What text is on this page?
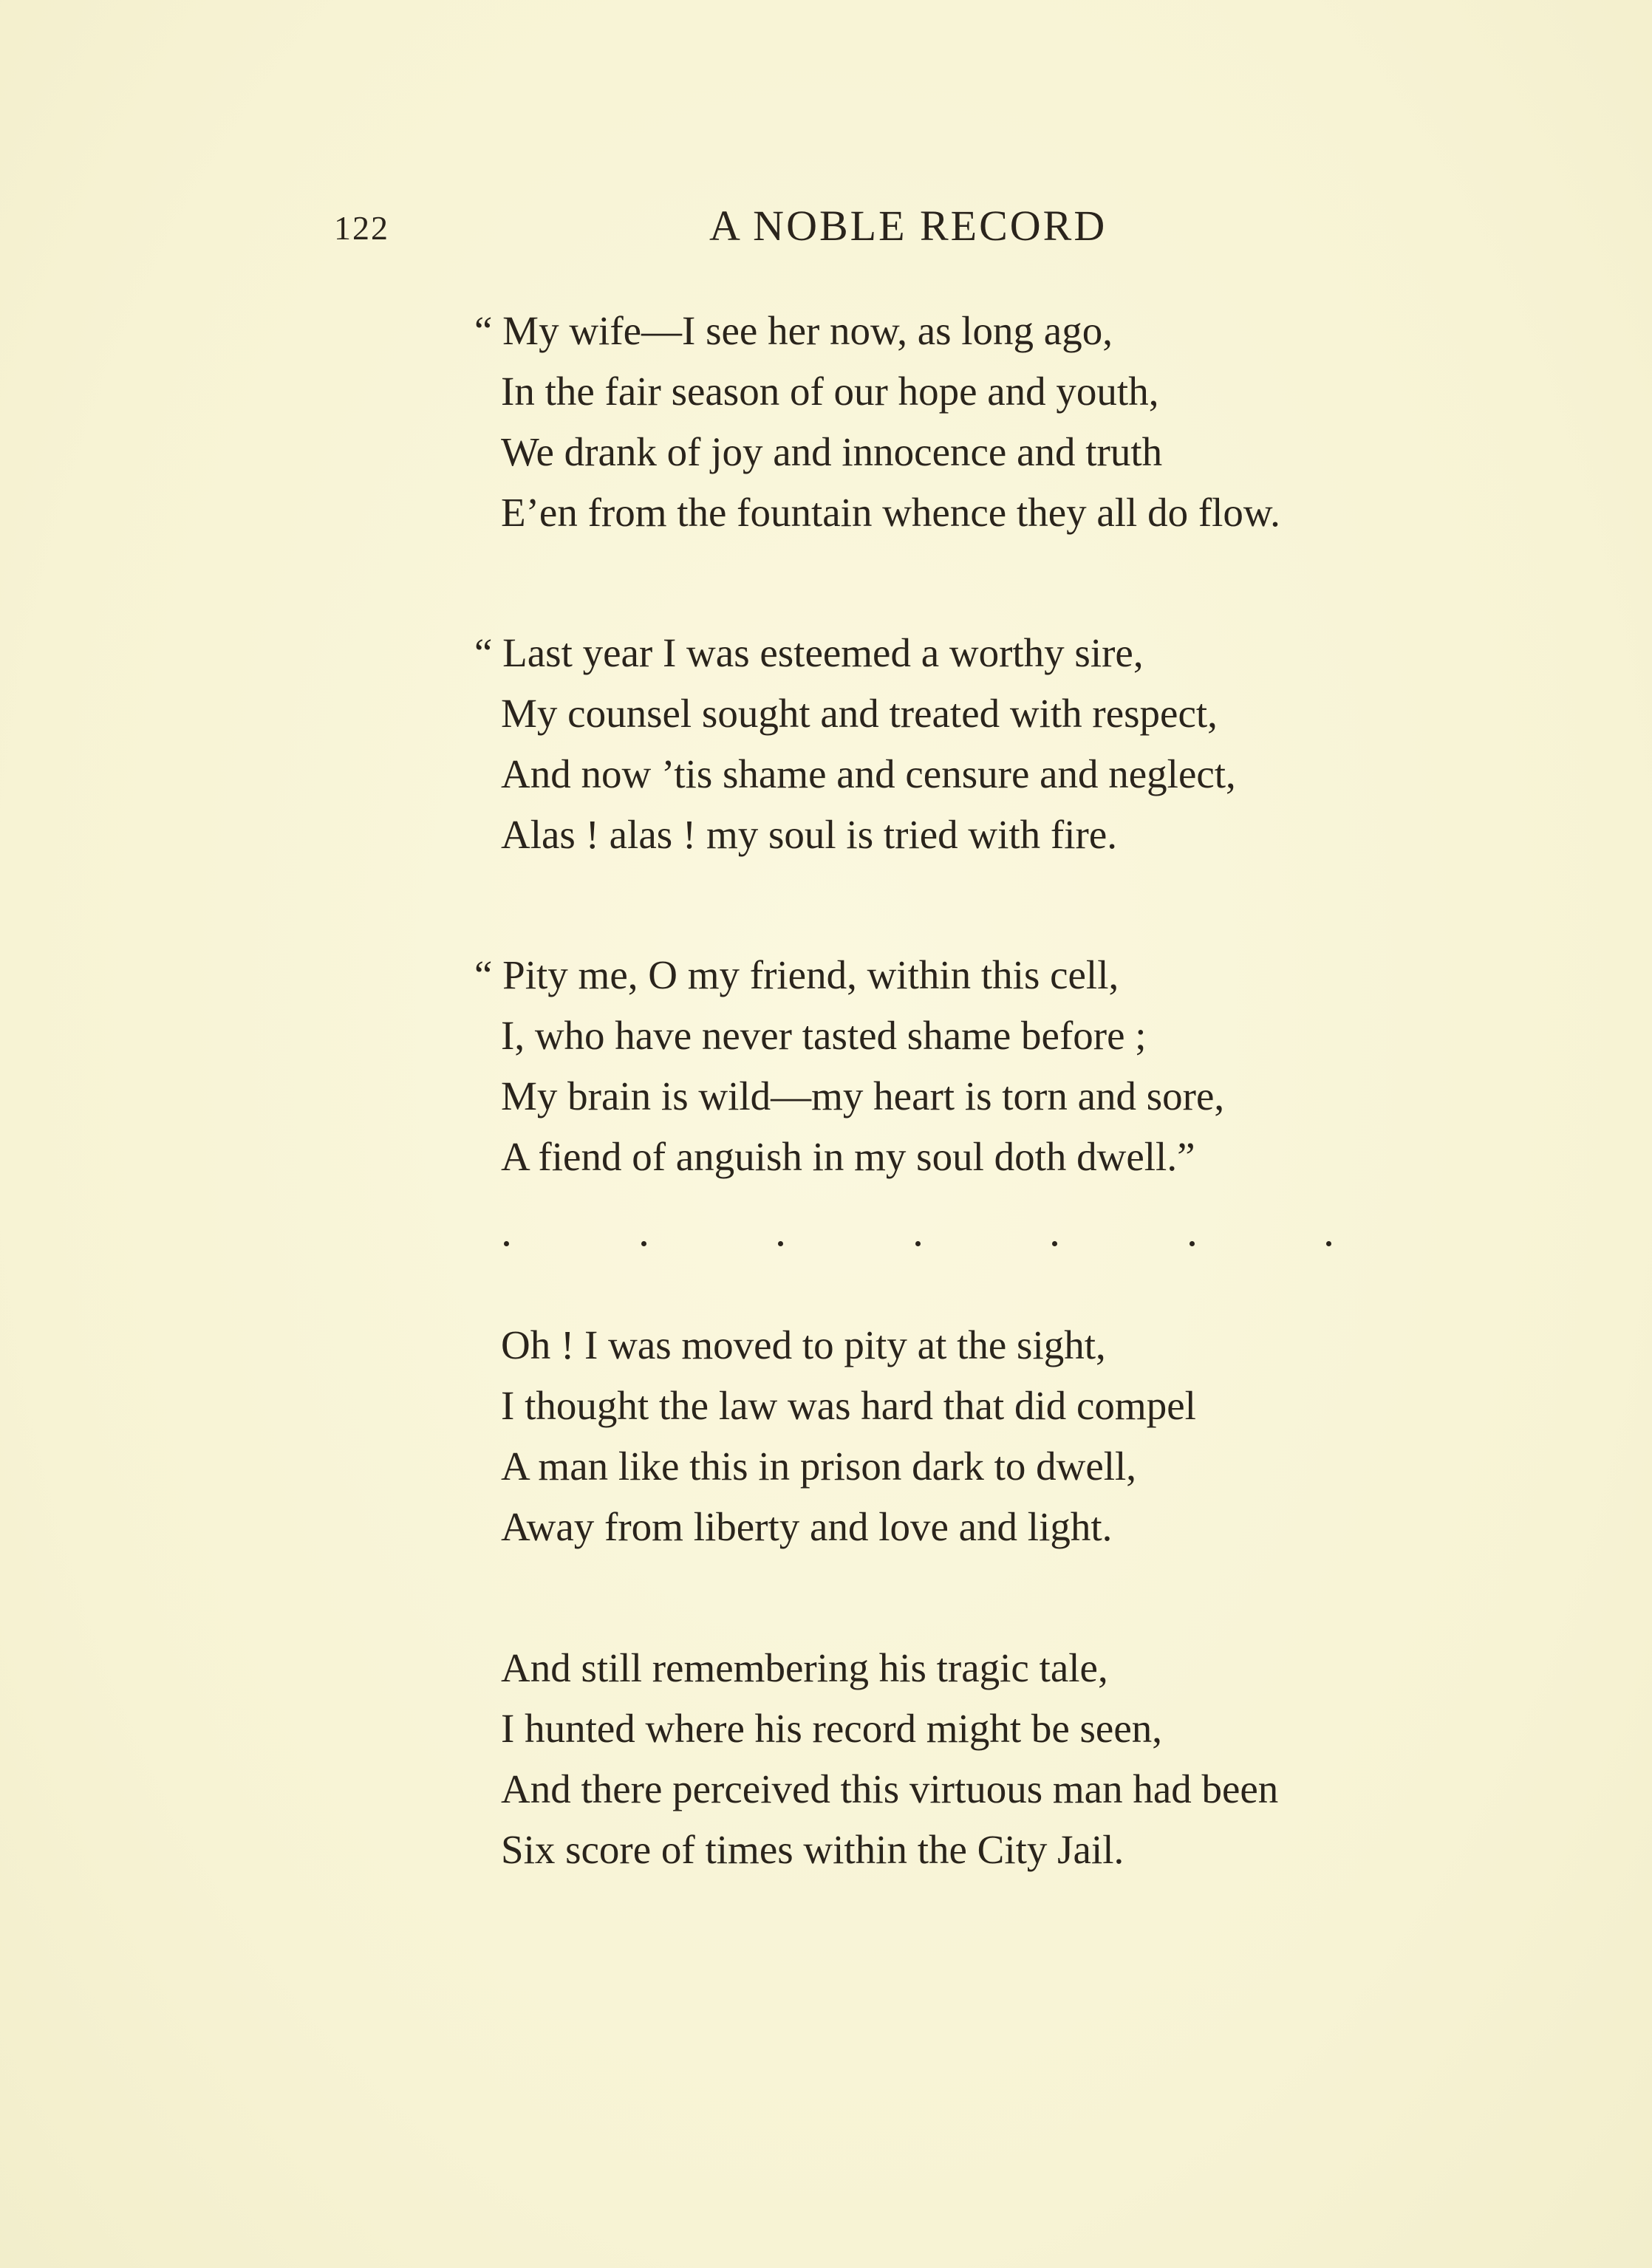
122	A NOBLE RECORD
“ My wife—I see her now, as long ago,
In the fair season of our hope and youth,
We drank of joy and innocence and truth
E’en from the fountain whence they all do flow.
“ Last year I was esteemed a worthy sire,
My counsel sought and treated with respect,
And now ’tis shame and censure and neglect,
Alas ! alas ! my soul is tried with fire.
“ Pity me, O my friend, within this cell,
I, who have never tasted shame before ;
My brain is wild—my heart is torn and sore,
A fiend of anguish in my soul doth dwell.”
Oh ! I was moved to pity at the sight,
I thought the law was hard that did compel
A man like this in prison dark to dwell,
Away from liberty and love and light.
And still remembering his tragic tale,
I hunted where his record might be seen,
And there perceived this virtuous man had been
Six score of times within the City Jail.
